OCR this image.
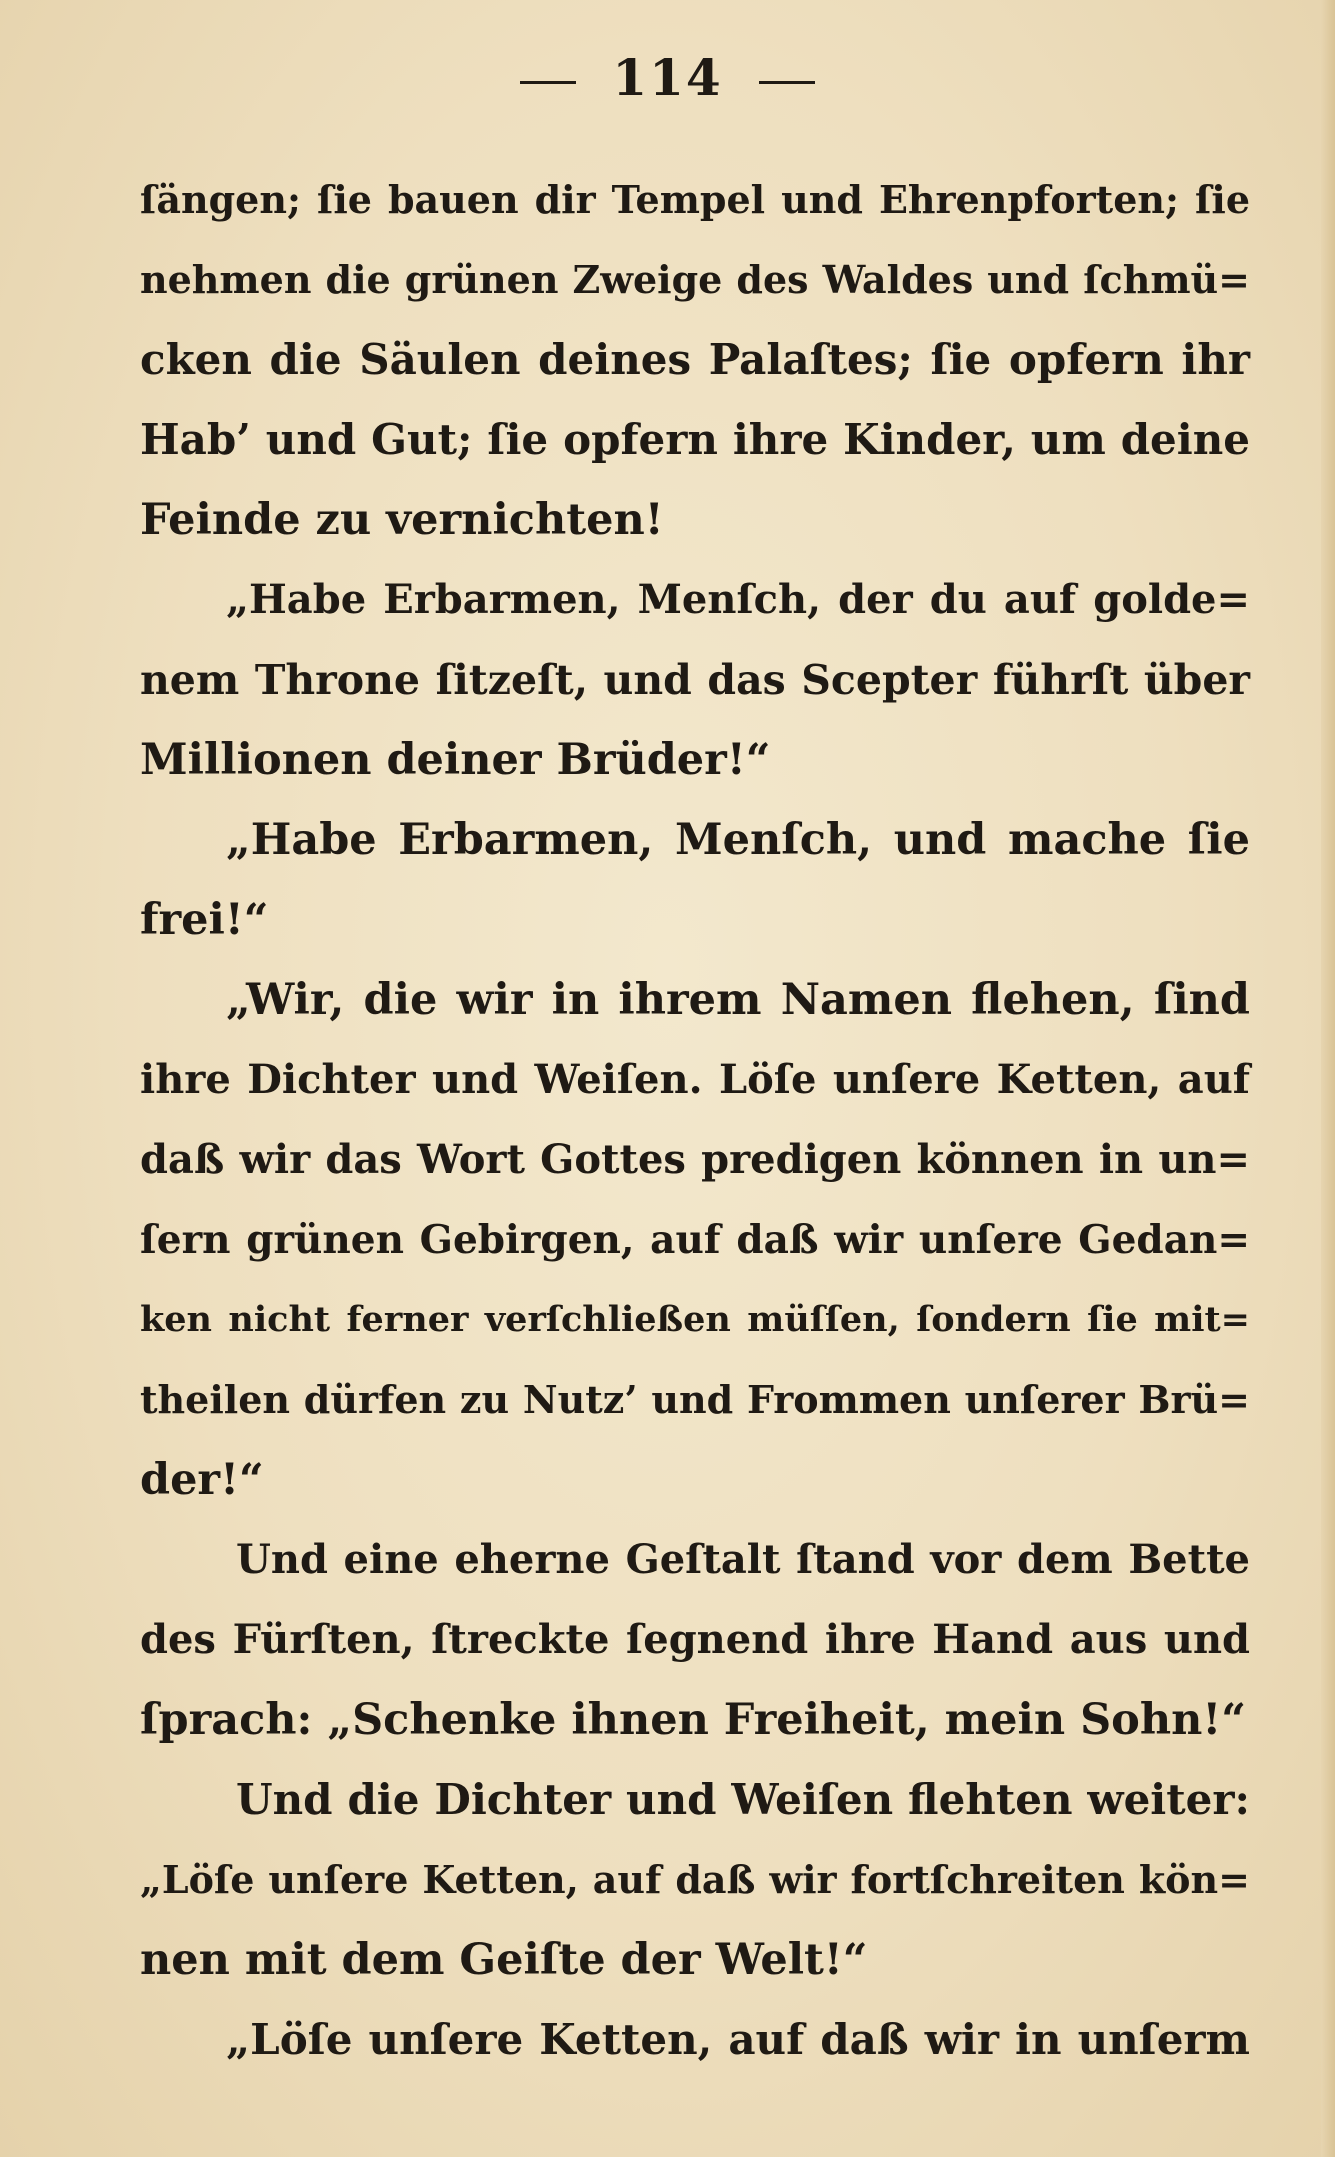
114
ſängen; ſie bauen dir Tempel und Ehrenpforten; ſie
nehmen die grünen Zweige des Waldes und ſchmü=
cken die Säulen deines Palaſtes; ſie opfern ihr
Hab’ und Gut; ſie opfern ihre Kinder, um deine
Feinde zu vernichten!
„Habe Erbarmen, Menſch, der du auf golde=
nem Throne ſitzeſt, und das Scepter führſt über
Millionen deiner Brüder!“
„Habe Erbarmen, Menſch, und mache ſie
frei!“
„Wir, die wir in ihrem Namen flehen, ſind
ihre Dichter und Weiſen. Löſe unſere Ketten, auf
daß wir das Wort Gottes predigen können in un=
ſern grünen Gebirgen, auf daß wir unſere Gedan=
ken nicht ferner verſchließen müſſen, ſondern ſie mit=
theilen dürfen zu Nutz’ und Frommen unſerer Brü=
der!“
Und eine eherne Geſtalt ſtand vor dem Bette
des Fürſten, ſtreckte ſegnend ihre Hand aus und
ſprach: „Schenke ihnen Freiheit, mein Sohn!“
Und die Dichter und Weiſen flehten weiter:
„Löſe unſere Ketten, auf daß wir fortſchreiten kön=
nen mit dem Geiſte der Welt!“
„Löſe unſere Ketten, auf daß wir in unſerm
